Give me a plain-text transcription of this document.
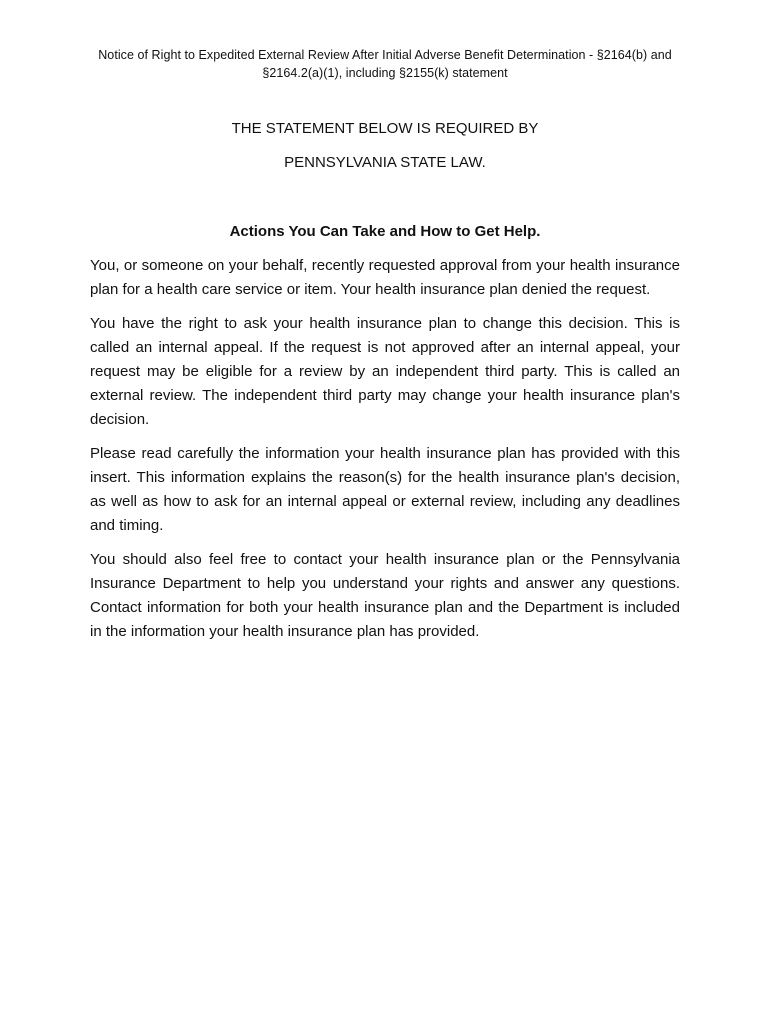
Notice of Right to Expedited External Review After Initial Adverse Benefit Determination - §2164(b) and §2164.2(a)(1), including §2155(k) statement
THE STATEMENT BELOW IS REQUIRED BY
PENNSYLVANIA STATE LAW.
Actions You Can Take and How to Get Help.

You, or someone on your behalf, recently requested approval from your health insurance plan for a health care service or item. Your health insurance plan denied the request.

You have the right to ask your health insurance plan to change this decision. This is called an internal appeal. If the request is not approved after an internal appeal, your request may be eligible for a review by an independent third party. This is called an external review. The independent third party may change your health insurance plan's decision.

Please read carefully the information your health insurance plan has provided with this insert. This information explains the reason(s) for the health insurance plan's decision, as well as how to ask for an internal appeal or external review, including any deadlines and timing.

You should also feel free to contact your health insurance plan or the Pennsylvania Insurance Department to help you understand your rights and answer any questions. Contact information for both your health insurance plan and the Department is included in the information your health insurance plan has provided.
